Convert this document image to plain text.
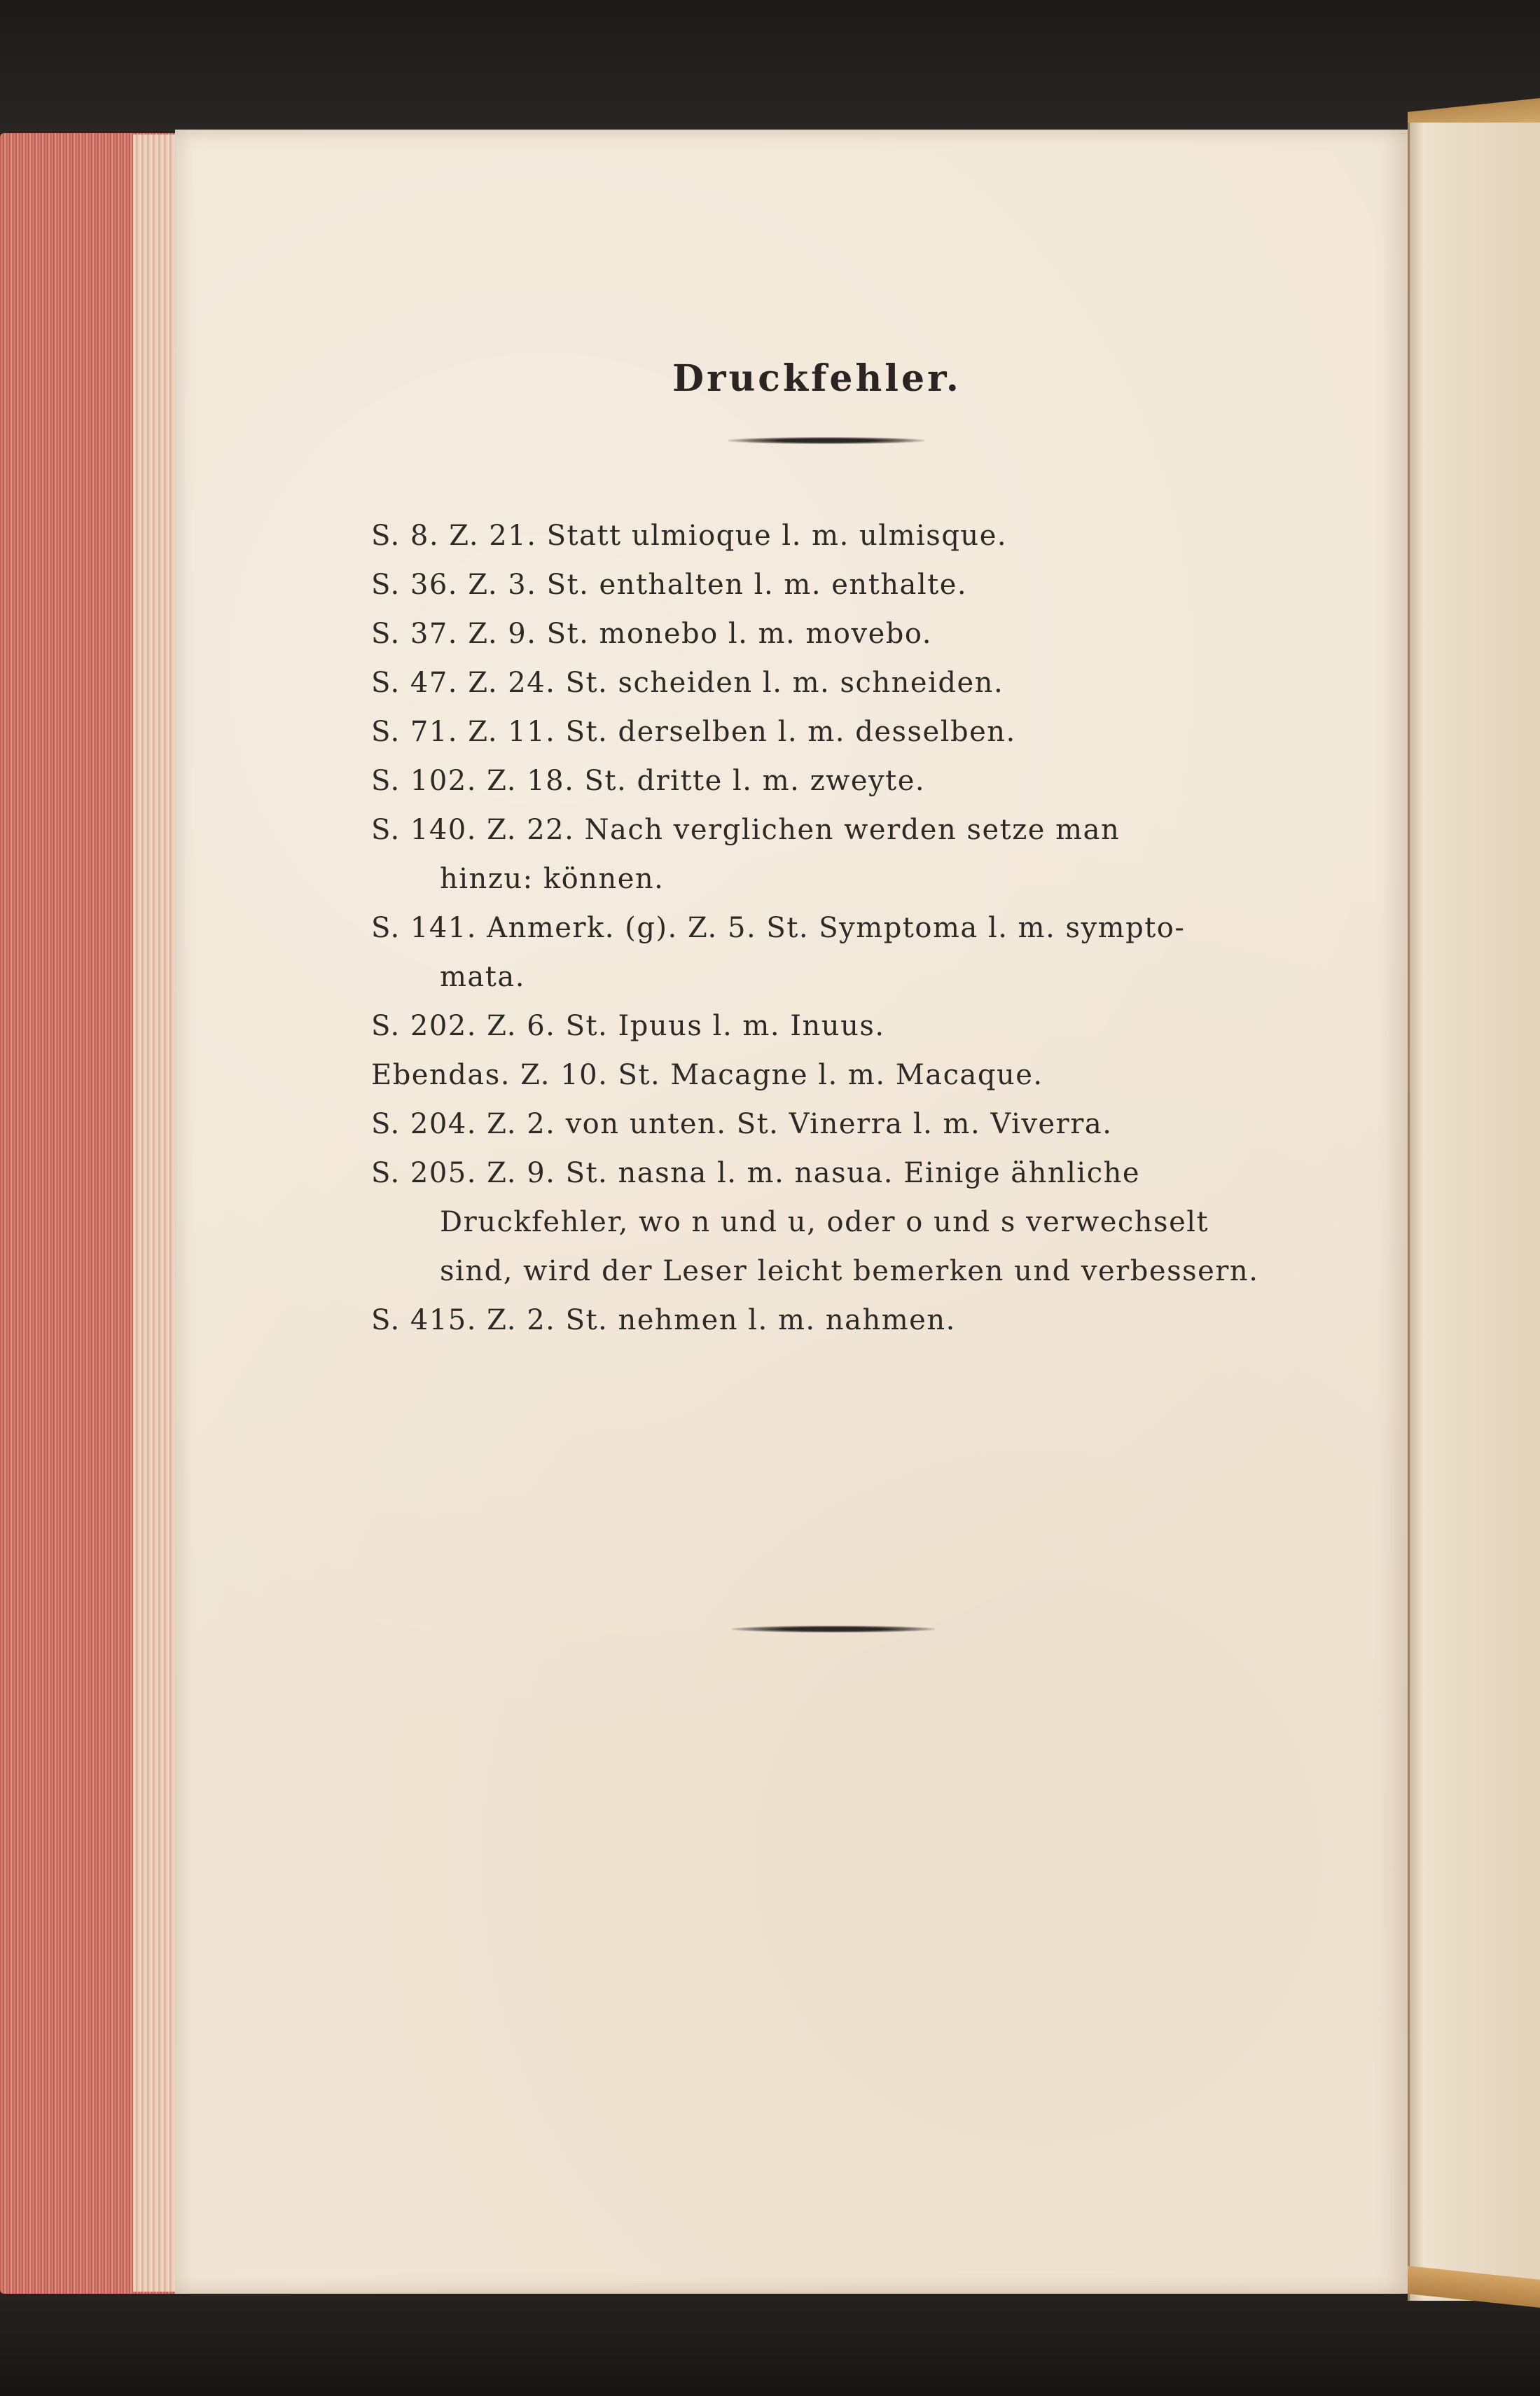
Druckfehler.
S. 8. Z. 21. Statt ulmioque l. m. ulmisque.
S. 36. Z. 3. St. enthalten l. m. enthalte.
S. 37. Z. 9. St. monebo l. m. movebo.
S. 47. Z. 24. St. scheiden l. m. schneiden.
S. 71. Z. 11. St. derselben l. m. desselben.
S. 102. Z. 18. St. dritte l. m. zweyte.
S. 140. Z. 22. Nach verglichen werden setze man
hinzu: können.
S. 141. Anmerk. (g). Z. 5. St. Symptoma l. m. sympto-
mata.
S. 202. Z. 6. St. Ipuus l. m. Inuus.
Ebendas. Z. 10. St. Macagne l. m. Macaque.
S. 204. Z. 2. von unten. St. Vinerra l. m. Viverra.
S. 205. Z. 9. St. nasna l. m. nasua. Einige ähnliche
Druckfehler, wo n und u, oder o und s verwechselt
sind, wird der Leser leicht bemerken und verbessern.
S. 415. Z. 2. St. nehmen l. m. nahmen.
